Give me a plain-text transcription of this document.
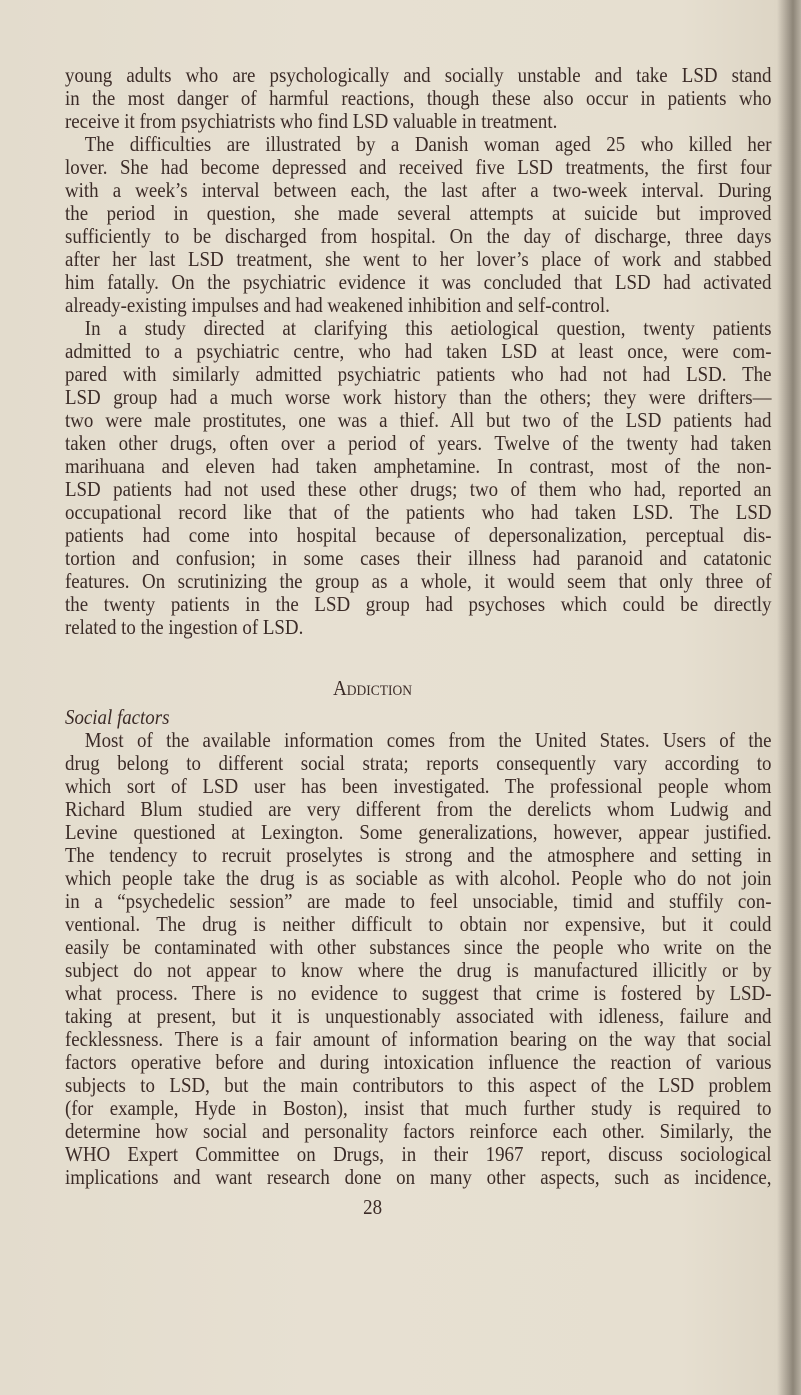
young adults who are psychologically and socially unstable and take LSD stand
in the most danger of harmful reactions, though these also occur in patients who
receive it from psychiatrists who find LSD valuable in treatment.
The difficulties are illustrated by a Danish woman aged 25 who killed her
lover. She had become depressed and received five LSD treatments, the first four
with a week’s interval between each, the last after a two-week interval. During
the period in question, she made several attempts at suicide but improved
sufficiently to be discharged from hospital. On the day of discharge, three days
after her last LSD treatment, she went to her lover’s place of work and stabbed
him fatally. On the psychiatric evidence it was concluded that LSD had activated
already-existing impulses and had weakened inhibition and self-control.
In a study directed at clarifying this aetiological question, twenty patients
admitted to a psychiatric centre, who had taken LSD at least once, were com-
pared with similarly admitted psychiatric patients who had not had LSD. The
LSD group had a much worse work history than the others; they were drifters—
two were male prostitutes, one was a thief. All but two of the LSD patients had
taken other drugs, often over a period of years. Twelve of the twenty had taken
marihuana and eleven had taken amphetamine. In contrast, most of the non-
LSD patients had not used these other drugs; two of them who had, reported an
occupational record like that of the patients who had taken LSD. The LSD
patients had come into hospital because of depersonalization, perceptual dis-
tortion and confusion; in some cases their illness had paranoid and catatonic
features. On scrutinizing the group as a whole, it would seem that only three of
the twenty patients in the LSD group had psychoses which could be directly
related to the ingestion of LSD.
Addiction
Social factors
Most of the available information comes from the United States. Users of the
drug belong to different social strata; reports consequently vary according to
which sort of LSD user has been investigated. The professional people whom
Richard Blum studied are very different from the derelicts whom Ludwig and
Levine questioned at Lexington. Some generalizations, however, appear justified.
The tendency to recruit proselytes is strong and the atmosphere and setting in
which people take the drug is as sociable as with alcohol. People who do not join
in a “psychedelic session” are made to feel unsociable, timid and stuffily con-
ventional. The drug is neither difficult to obtain nor expensive, but it could
easily be contaminated with other substances since the people who write on the
subject do not appear to know where the drug is manufactured illicitly or by
what process. There is no evidence to suggest that crime is fostered by LSD-
taking at present, but it is unquestionably associated with idleness, failure and
fecklessness. There is a fair amount of information bearing on the way that social
factors operative before and during intoxication influence the reaction of various
subjects to LSD, but the main contributors to this aspect of the LSD problem
(for example, Hyde in Boston), insist that much further study is required to
determine how social and personality factors reinforce each other. Similarly, the
WHO Expert Committee on Drugs, in their 1967 report, discuss sociological
implications and want research done on many other aspects, such as incidence,
28
